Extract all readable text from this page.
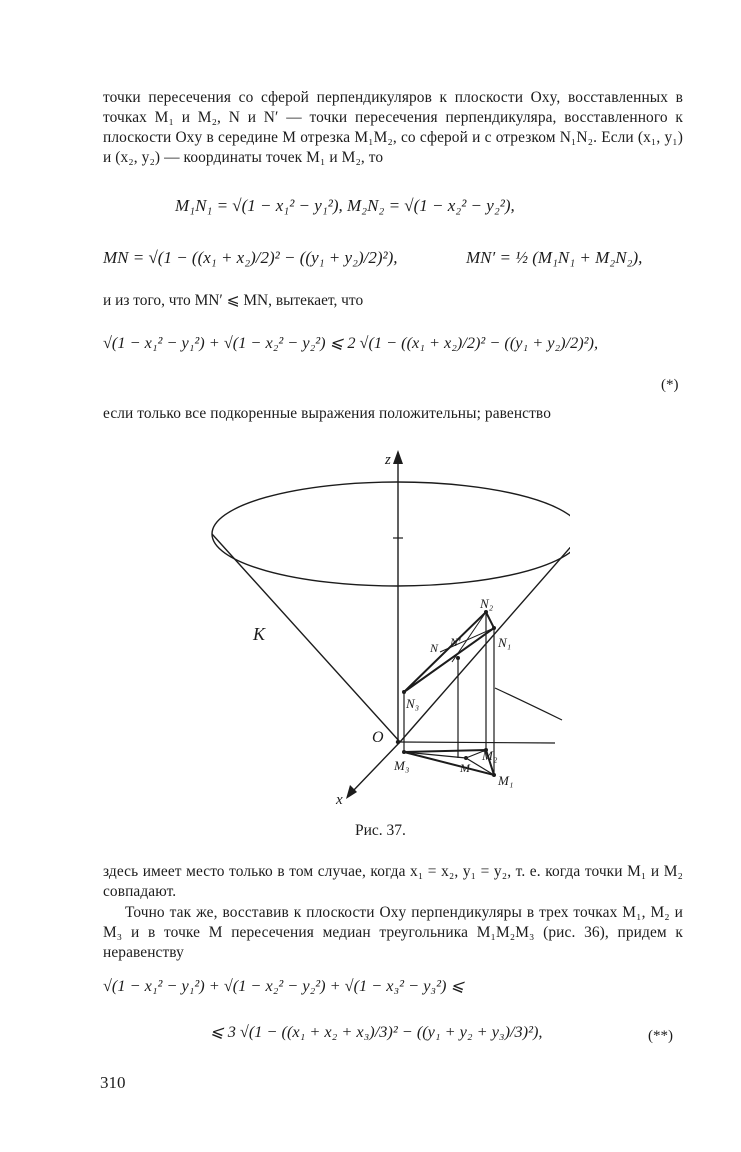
точки пересечения со сферой перпендикуляров к плоскости Oxy, восставленных в точках M₁ и M₂, N и N′ — точки пересечения перпендикуляра, восставленного к плоскости Oxy в середине M отрезка M₁M₂, со сферой и с отрезком N₁N₂. Если (x₁, y₁) и (x₂, y₂) — координаты точек M₁ и M₂, то
M₁N₁ = √(1 − x₁² − y₁²), M₂N₂ = √(1 − x₂² − y₂²),
MN = √(1 − ((x₁ + x₂)/2)² − ((y₁ + y₂)/2)²),	MN′ = ½ (M₁N₁ + M₂N₂),
и из того, что MN′ ⩽ MN, вытекает, что
√(1 − x₁² − y₁²) + √(1 − x₂² − y₂²) ⩽ 2 √(1 − ((x₁ + x₂)/2)² − ((y₁ + y₂)/2)²),
(*)
если только все подкоренные выражения положительны; равенство
z
K
O
x
N₂
N₁
N N′
N₃
M₂
M
M₃
M₁
Рис. 37.
здесь имеет место только в том случае, когда x₁ = x₂, y₁ = y₂, т. е. когда точки M₁ и M₂ совпадают.
Точно так же, восставив к плоскости Oxy перпендикуляры в трех точках M₁, M₂ и M₃ и в точке M пересечения медиан треугольника M₁M₂M₃ (рис. 36), придем к неравенству
√(1 − x₁² − y₁²) + √(1 − x₂² − y₂²) + √(1 − x₃² − y₃²) ⩽
⩽ 3 √(1 − ((x₁ + x₂ + x₃)/3)² − ((y₁ + y₂ + y₃)/3)²),	(**)
310
